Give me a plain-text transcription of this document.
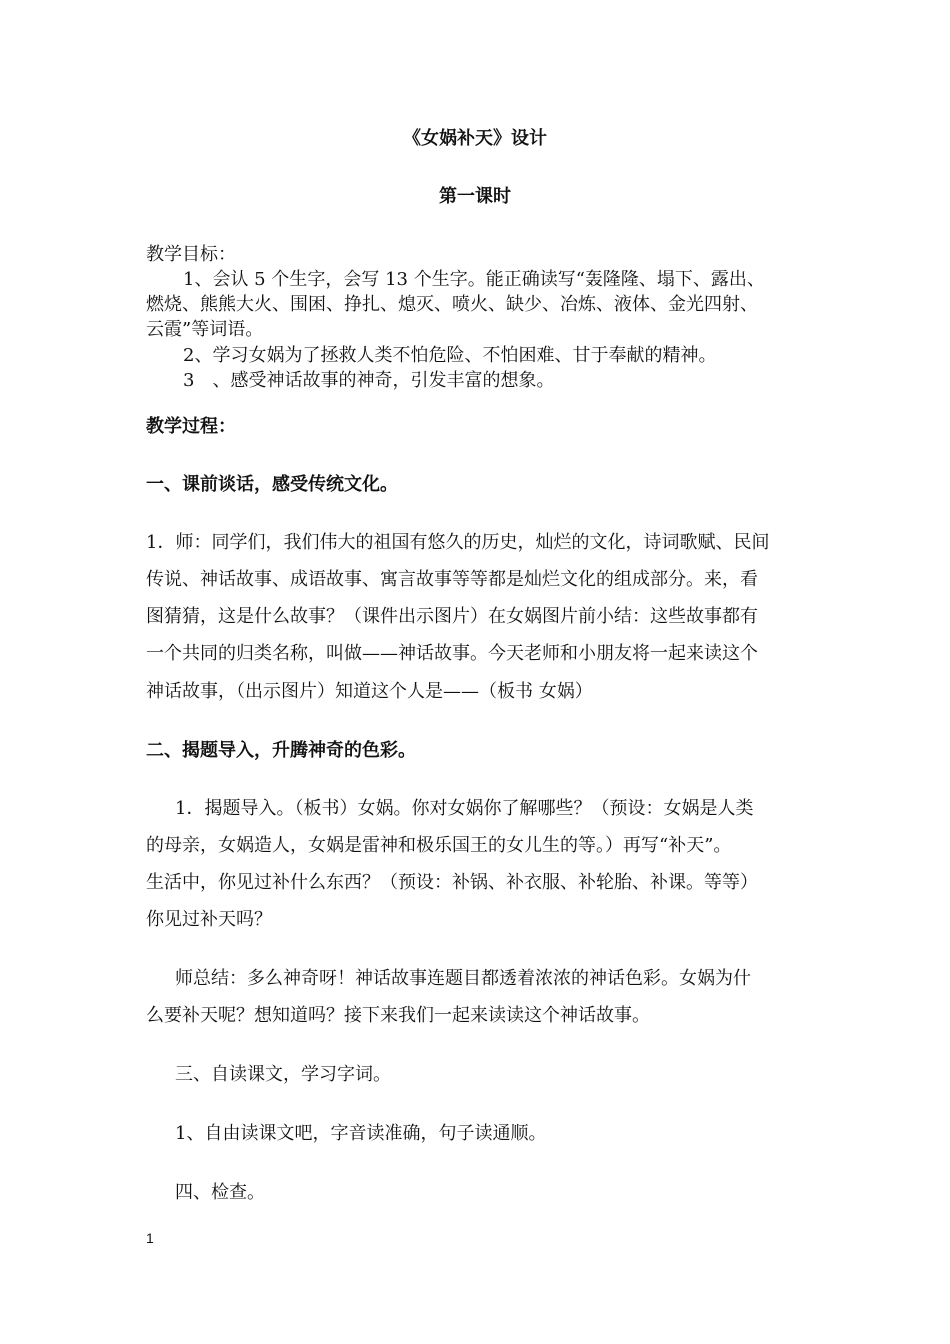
《女娲补天》设计

第一课时

教学目标：

1、会认 5 个生字，会写 13 个生字。能正确读写“轰隆隆、塌下、露出、

燃烧、熊熊大火、围困、挣扎、熄灭、喷火、缺少、冶炼、液体、金光四射、

云霞”等词语。

2、学习女娲为了拯救人类不怕危险、不怕困难、甘于奉献的精神。

3　、感受神话故事的神奇，引发丰富的想象。

教学过程：

一、课前谈话，感受传统文化。

1．师：同学们，我们伟大的祖国有悠久的历史，灿烂的文化，诗词歌赋、民间

传说、神话故事、成语故事、寓言故事等等都是灿烂文化的组成部分。来，看

图猜猜，这是什么故事？（课件出示图片）在女娲图片前小结：这些故事都有

一个共同的归类名称，叫做——神话故事。今天老师和小朋友将一起来读这个

神话故事，（出示图片）知道这个人是——（板书 女娲）

二、揭题导入，升腾神奇的色彩。

1．揭题导入。（板书）女娲。你对女娲你了解哪些？（预设：女娲是人类

的母亲，女娲造人，女娲是雷神和极乐国王的女儿生的等。）再写“补天”。

生活中，你见过补什么东西？（预设：补锅、补衣服、补轮胎、补课。等等）

你见过补天吗？

师总结：多么神奇呀！神话故事连题目都透着浓浓的神话色彩。女娲为什

么要补天呢？想知道吗？接下来我们一起来读读这个神话故事。

三、自读课文，学习字词。

1、自由读课文吧，字音读准确，句子读通顺。

四、检查。

1
